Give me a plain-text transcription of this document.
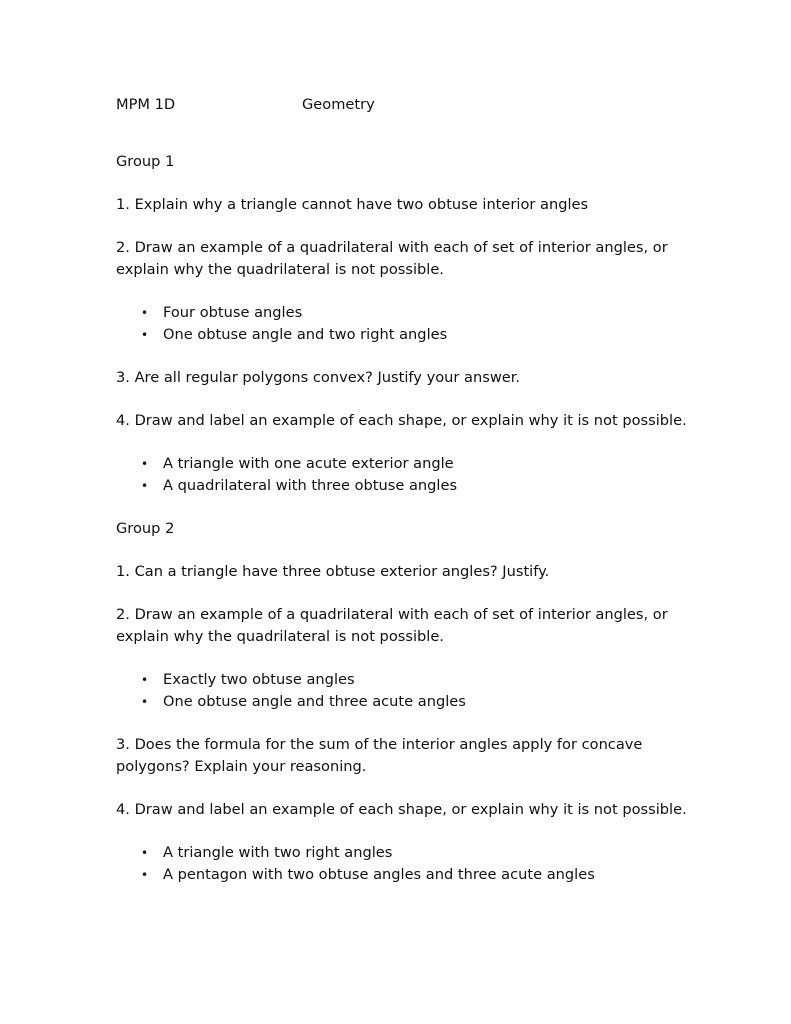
MPM 1D	Geometry
Group 1
1. Explain why a triangle cannot have two obtuse interior angles
2. Draw an example of a quadrilateral with each of set of interior angles, or
explain why the quadrilateral is not possible.
• Four obtuse angles
• One obtuse angle and two right angles
3. Are all regular polygons convex? Justify your answer.
4. Draw and label an example of each shape, or explain why it is not possible.
• A triangle with one acute exterior angle
• A quadrilateral with three obtuse angles
Group 2
1. Can a triangle have three obtuse exterior angles? Justify.
2. Draw an example of a quadrilateral with each of set of interior angles, or
explain why the quadrilateral is not possible.
• Exactly two obtuse angles
• One obtuse angle and three acute angles
3. Does the formula for the sum of the interior angles apply for concave
polygons? Explain your reasoning.
4. Draw and label an example of each shape, or explain why it is not possible.
• A triangle with two right angles
• A pentagon with two obtuse angles and three acute angles
